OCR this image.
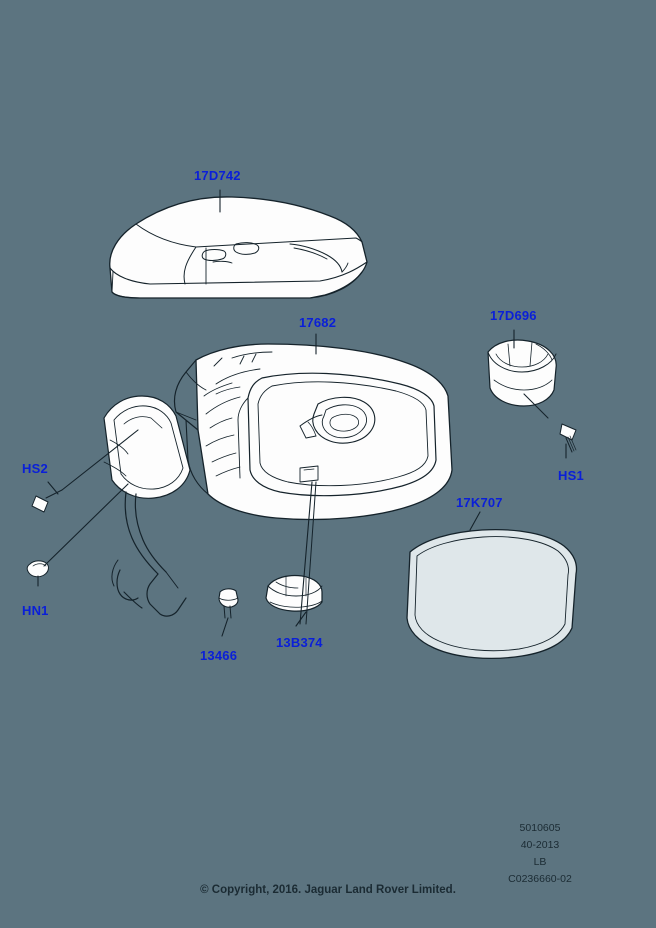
17D742
17682	17D696
HS2	HS1
HN1
17K707
13466
13B374
5010605
40-2013
LB
C0236660-02
© Copyright, 2016. Jaguar Land Rover Limited.
